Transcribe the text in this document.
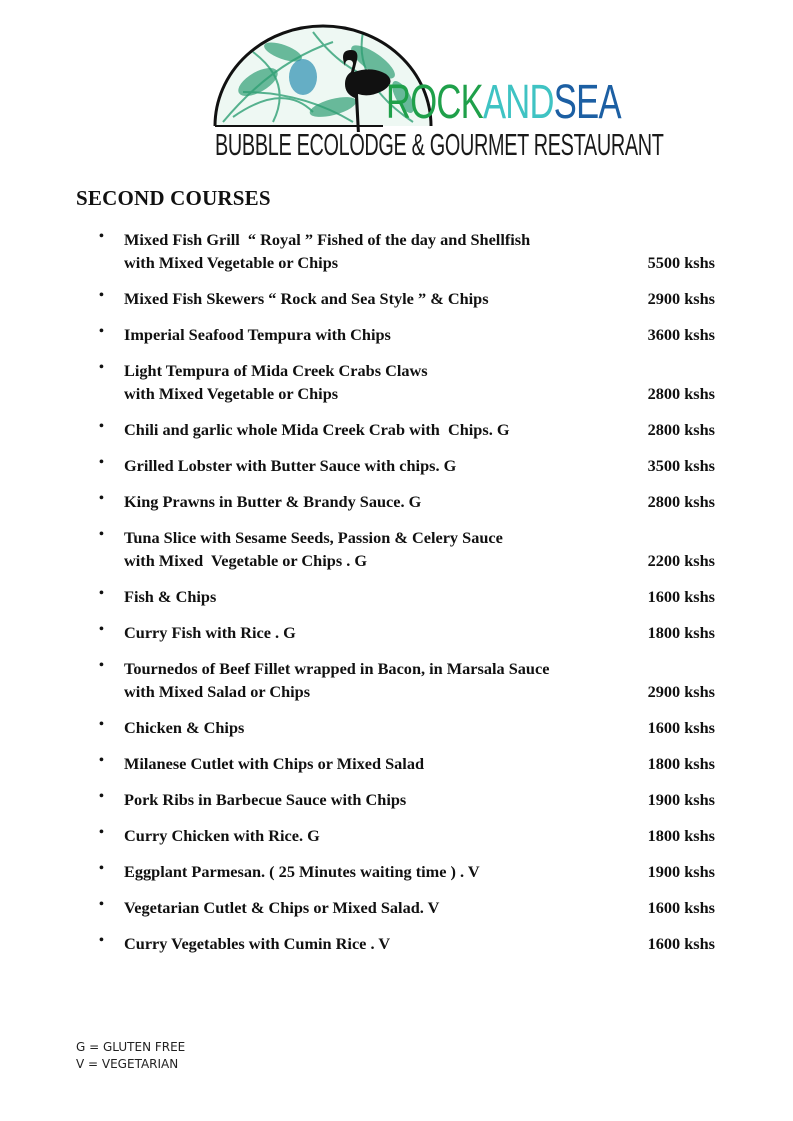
ROCKANDSEA
BUBBLE ECOLODGE & GOURMET RESTAURANT
SECOND COURSES
• Mixed Fish Grill  “ Royal ” Fished of the day and Shellfish
with Mixed Vegetable or Chips	5500 kshs
• Mixed Fish Skewers “ Rock and Sea Style ” & Chips	2900 kshs
• Imperial Seafood Tempura with Chips	3600 kshs
• Light Tempura of Mida Creek Crabs Claws
with Mixed Vegetable or Chips	2800 kshs
• Chili and garlic whole Mida Creek Crab with  Chips. G	2800 kshs
• Grilled Lobster with Butter Sauce with chips. G	3500 kshs
• King Prawns in Butter & Brandy Sauce. G	2800 kshs
• Tuna Slice with Sesame Seeds, Passion & Celery Sauce
with Mixed  Vegetable or Chips . G	2200 kshs
• Fish & Chips	1600 kshs
• Curry Fish with Rice . G	1800 kshs
• Tournedos of Beef Fillet wrapped in Bacon, in Marsala Sauce
with Mixed Salad or Chips	2900 kshs
• Chicken & Chips	1600 kshs
• Milanese Cutlet with Chips or Mixed Salad	1800 kshs
• Pork Ribs in Barbecue Sauce with Chips	1900 kshs
• Curry Chicken with Rice. G	1800 kshs
• Eggplant Parmesan. ( 25 Minutes waiting time ) . V	1900 kshs
• Vegetarian Cutlet & Chips or Mixed Salad. V	1600 kshs
• Curry Vegetables with Cumin Rice . V	1600 kshs
G = GLUTEN FREE
V = VEGETARIAN
